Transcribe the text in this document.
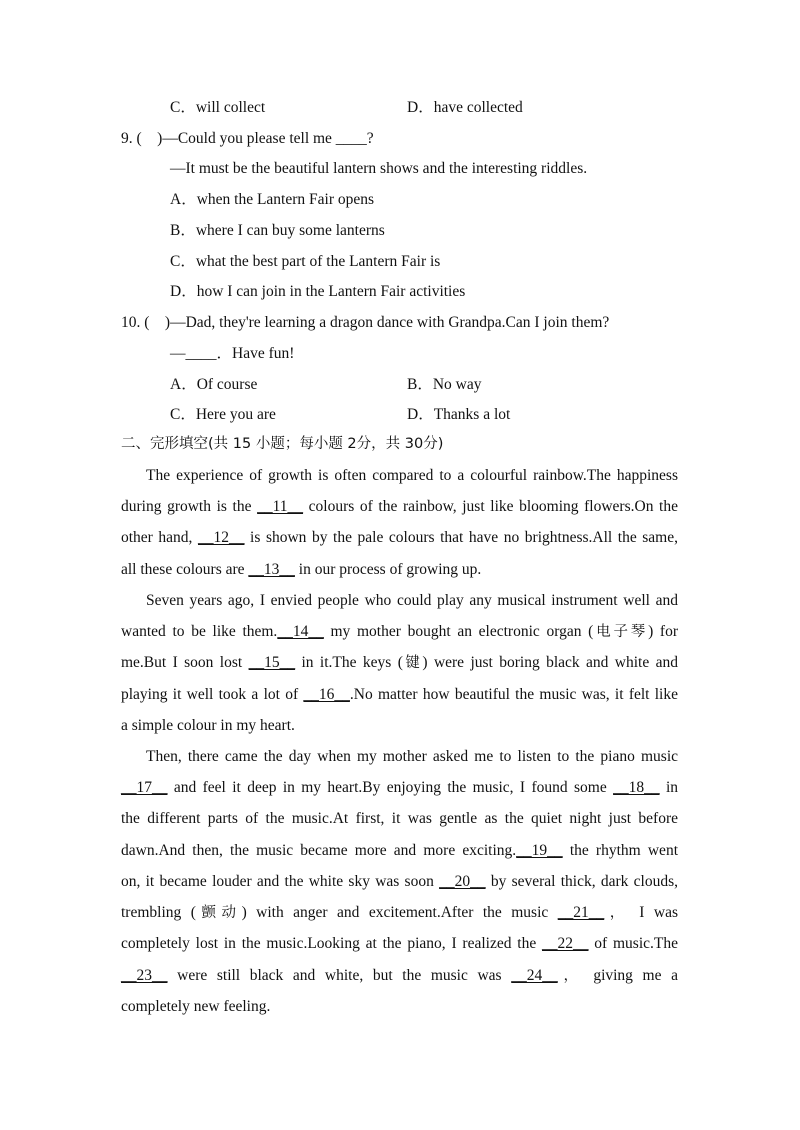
C．will collect	D．have collected
9. (    )—Could you please tell me ____?
—It must be the beautiful lantern shows and the interesting riddles.
A．when the Lantern Fair opens
B．where I can buy some lanterns
C．what the best part of the Lantern Fair is
D．how I can join in the Lantern Fair activities
10. (    )—Dad, they're learning a dragon dance with Grandpa.Can I join them?
—____．Have fun!
A．Of course	B．No way
C．Here you are	D．Thanks a lot
二、完形填空(共 15 小题；每小题 2分，共 30分)
The experience of growth is often compared to a colourful rainbow.The happiness
during growth is the __11__ colours of the rainbow, just like blooming flowers.On the
other hand, __12__ is shown by the pale colours that have no brightness.All the same,
all these colours are __13__ in our process of growing up.
Seven years ago, I envied people who could play any musical instrument well and
wanted to be like them.__14__ my mother bought an electronic organ (电子琴) for
me.But I soon lost __15__ in it.The keys (键) were just boring black and white and
playing it well took a lot of __16__.No matter how beautiful the music was, it felt like
a simple colour in my heart.
Then, there came the day when my mother asked me to listen to the piano music
__17__ and feel it deep in my heart.By enjoying the music, I found some __18__ in
the different parts of the music.At first, it was gentle as the quiet night just before
dawn.And then, the music became more and more exciting.__19__ the rhythm went
on, it became louder and the white sky was soon __20__ by several thick, dark clouds,
trembling (颤动) with anger and excitement.After the music __21__， I was
completely lost in the music.Looking at the piano, I realized the __22__ of music.The
__23__ were still black and white, but the music was __24__， giving me a
completely new feeling.
